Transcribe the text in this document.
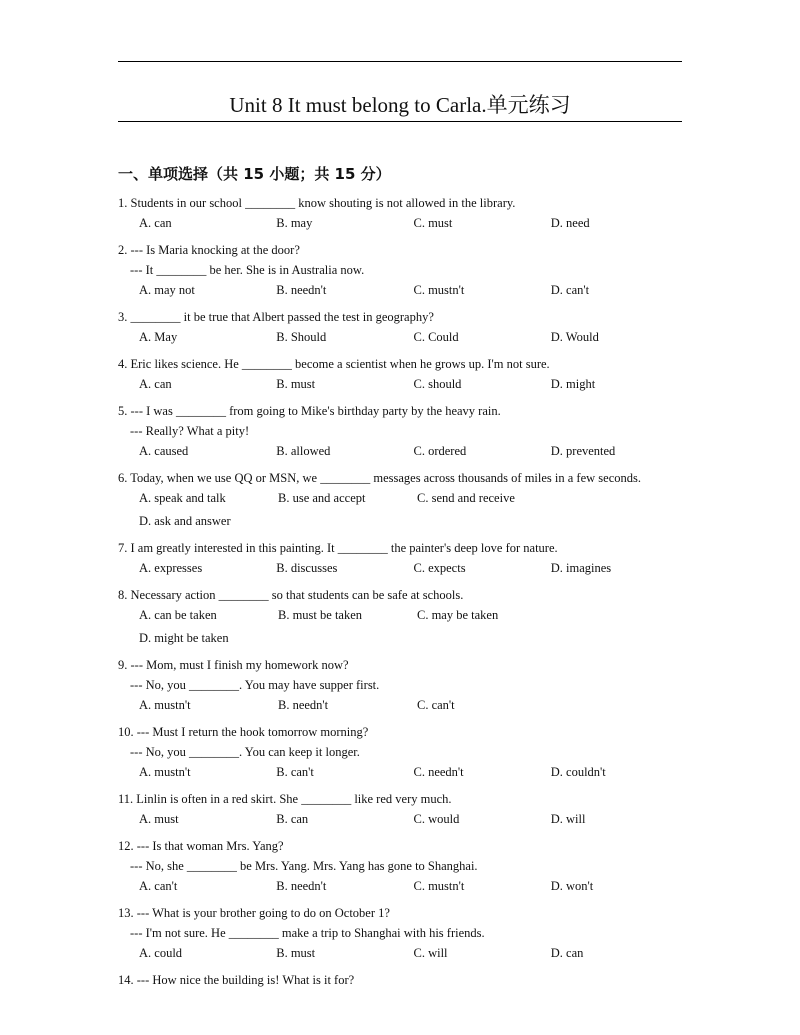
Unit 8 It must belong to Carla.单元练习
一、单项选择（共 15 小题；共 15 分）
1. Students in our school ________ know shouting is not allowed in the library.
A. can	B. may	C. must	D. need
2. --- Is Maria knocking at the door?
--- It ________ be her. She is in Australia now.
A. may not	B. needn't	C. mustn't	D. can't
3. ________ it be true that Albert passed the test in geography?
A. May	B. Should	C. Could	D. Would
4. Eric likes science. He ________ become a scientist when he grows up. I'm not sure.
A. can	B. must	C. should	D. might
5. --- I was ________ from going to Mike's birthday party by the heavy rain.
--- Really? What a pity!
A. caused	B. allowed	C. ordered	D. prevented
6. Today, when we use QQ or MSN, we ________ messages across thousands of miles in a few seconds.
A. speak and talk	B. use and accept	C. send and receive
D. ask and answer
7. I am greatly interested in this painting. It ________ the painter's deep love for nature.
A. expresses	B. discusses	C. expects	D. imagines
8. Necessary action ________ so that students can be safe at schools.
A. can be taken	B. must be taken	C. may be taken
D. might be taken
9. --- Mom, must I finish my homework now?
--- No, you ________. You may have supper first.
A. mustn't	B. needn't	C. can't
10. --- Must I return the hook tomorrow morning?
--- No, you ________. You can keep it longer.
A. mustn't	B. can't	C. needn't	D. couldn't
11. Linlin is often in a red skirt. She ________ like red very much.
A. must	B. can	C. would	D. will
12. --- Is that woman Mrs. Yang?
--- No, she ________ be Mrs. Yang. Mrs. Yang has gone to Shanghai.
A. can't	B. needn't	C. mustn't	D. won't
13. --- What is your brother going to do on October 1?
--- I'm not sure. He ________ make a trip to Shanghai with his friends.
A. could	B. must	C. will	D. can
14. --- How nice the building is! What is it for?
